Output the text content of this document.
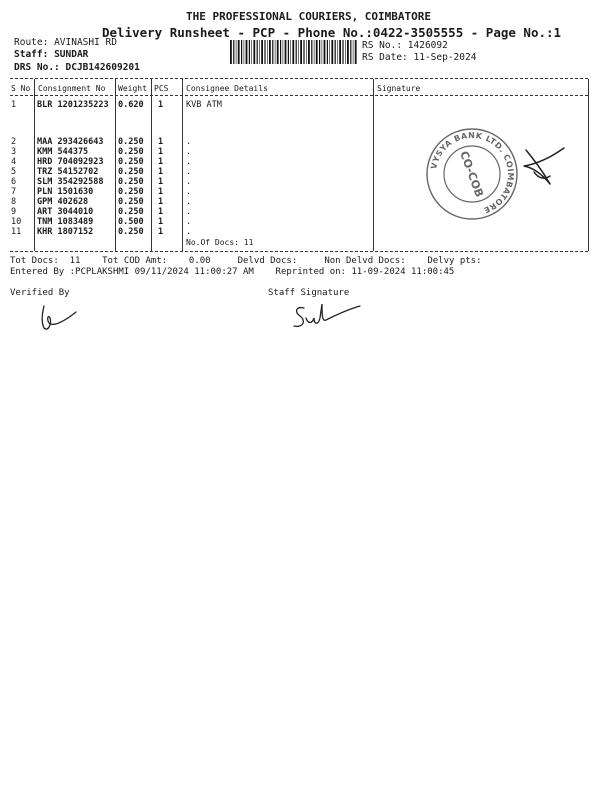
THE PROFESSIONAL COURIERS, COIMBATORE
Delivery Runsheet - PCP - Phone No.:0422-3505555 - Page No.:1
Route: AVINASHI RD
Staff: SUNDAR
DRS No.: DCJB142609201
RS No.: 1426092
RS Date: 11-Sep-2024
S No Consignment No Weight PCS Consignee Details	Signature
1 BLR 1201235223 0.620 1	KVB ATM
2 MAA 293426643 0.250 1	.
3 KMM 544375	0.250 1	.
4 HRD 704092923 0.250 1	.
5 TRZ 54152702 0.250 1	.
6 SLM 354292588 0.250 1	.
7 PLN 1501630	0.250 1	.
8 GPM 402628	0.250 1	.
9 ART 3044010	0.250 1	.
10 TNM 1083489	0.500 1	.
11 KHR 1807152	0.250 1	.
No.Of Docs: 11
VYSYA BANK LTD. COIMBATORE
CO-COB
Tot Docs:  11 Tot COD Amt: 0.00	Delvd Docs:	Non Delvd Docs: Delvy pts:
Entered By :PCPLAKSHMI 09/11/2024 11:00:27 AM Reprinted on: 11-09-2024 11:00:45
Verified By	Staff Signature
